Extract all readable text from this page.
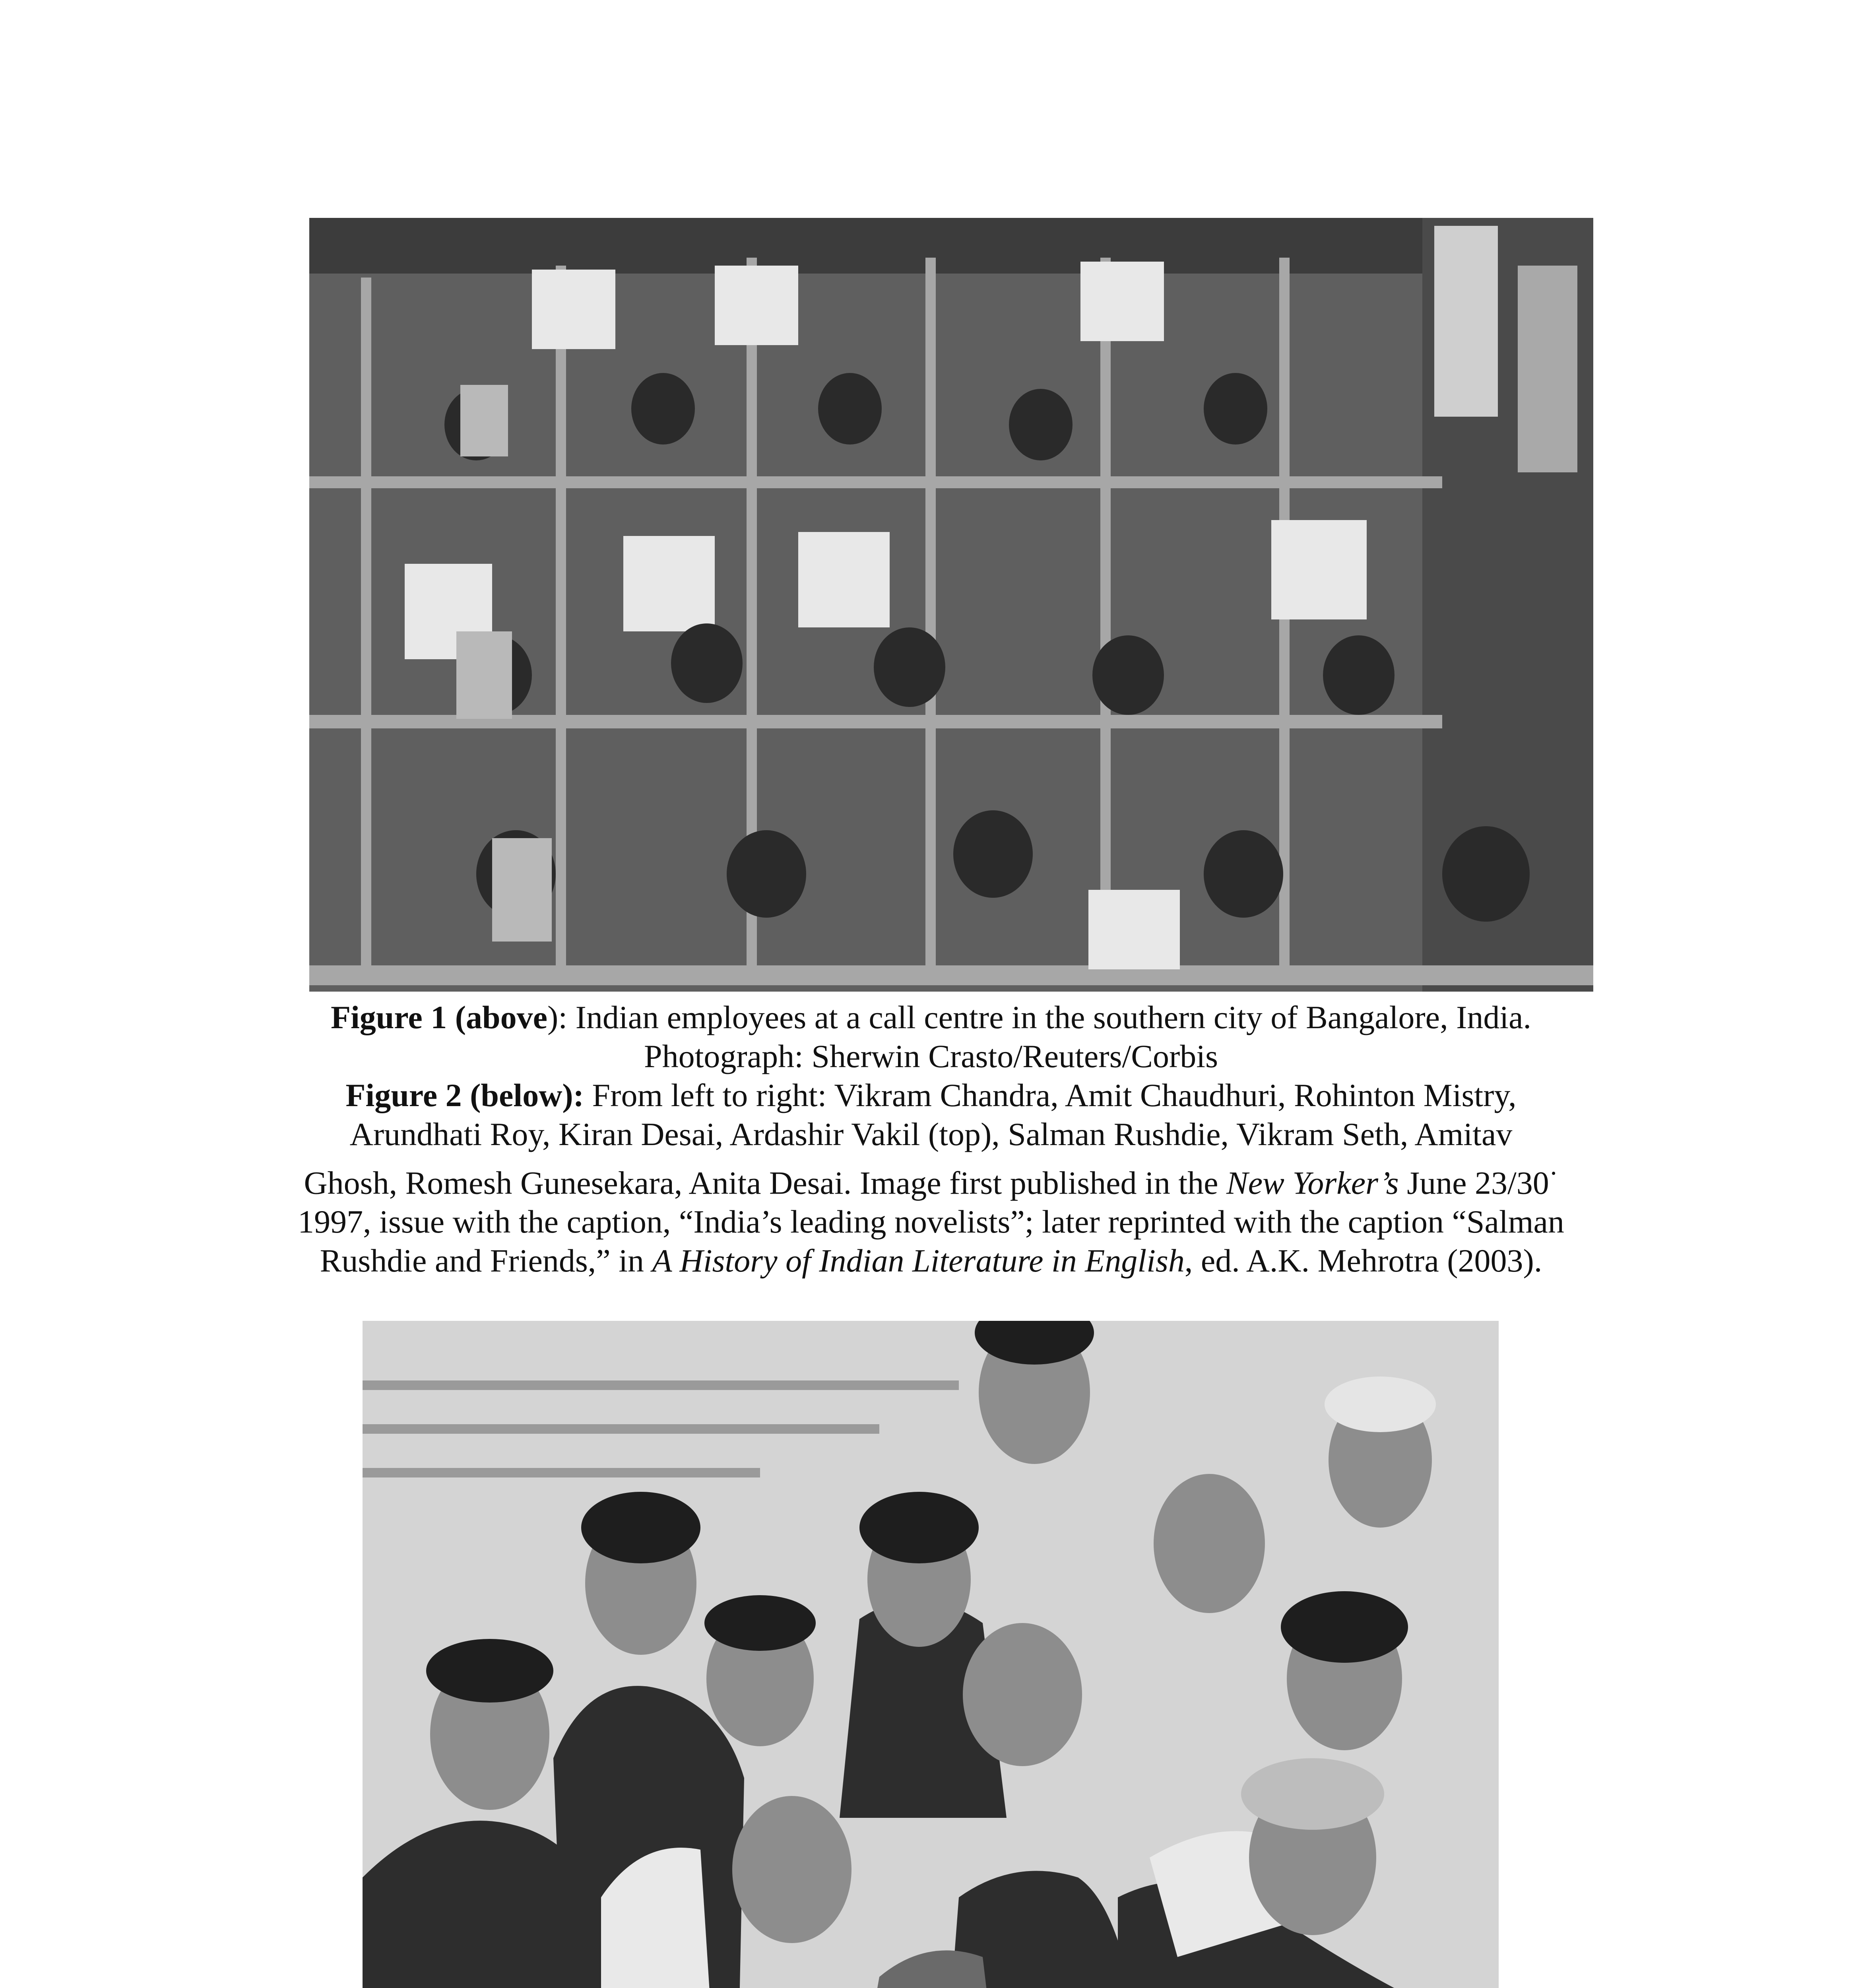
Figure 1 (above): Indian employees at a call centre in the southern city of Bangalore, India.

Photograph: Sherwin Crasto/Reuters/Corbis

Figure 2 (below): From left to right: Vikram Chandra, Amit Chaudhuri, Rohinton Mistry,
Arundhati Roy, Kiran Desai, Ardashir Vakil (top), Salman Rushdie, Vikram Seth, Amitav
Ghosh, Romesh Gunesekara, Anita Desai. Image first published in the New Yorker’s June 23/30·
1997, issue with the caption, “India’s leading novelists”; later reprinted with the caption “Salman
Rushdie and Friends,” in A History of Indian Literature in English, ed. A.K. Mehrotra (2003).
